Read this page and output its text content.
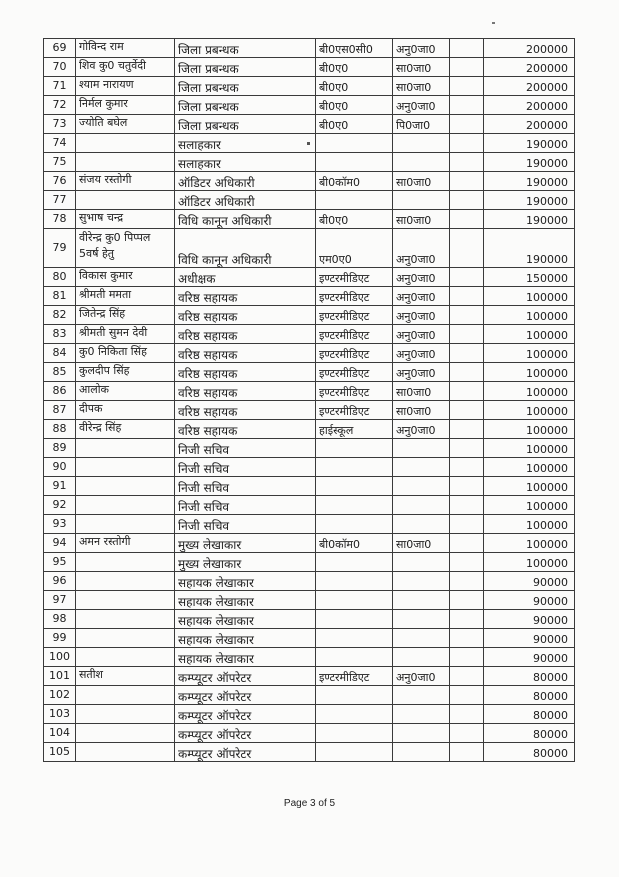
69	गोविन्द राम	जिला प्रबन्धक	बी0एस0सी0	अनु0जा0		200000
70	शिव कु0 चतुर्वेदी	जिला प्रबन्धक	बी0ए0	सा0जा0		200000
71	श्याम नारायण	जिला प्रबन्धक	बी0ए0	सा0जा0		200000
72	निर्मल कुमार	जिला प्रबन्धक	बी0ए0	अनु0जा0		200000
73	ज्योति बघेल	जिला प्रबन्धक	बी0ए0	पि0जा0		200000
74		सलाहकार				190000
75		सलाहकार				190000
76	संजय रस्तोगी	ऑडिटर अधिकारी	बी0कॉम0	सा0जा0		190000
77		ऑडिटर अधिकारी				190000
78	सुभाष चन्द्र	विधि कानून अधिकारी	बी0ए0	सा0जा0		190000
79	वीरेन्द्र कु0 पिप्पल 5वर्ष हेतु	विधि कानून अधिकारी	एम0ए0	अनु0जा0		190000
80	विकास कुमार	अधीक्षक	इण्टरमीडिएट	अनु0जा0		150000
81	श्रीमती ममता	वरिष्ठ सहायक	इण्टरमीडिएट	अनु0जा0		100000
82	जितेन्द्र सिंह	वरिष्ठ सहायक	इण्टरमीडिएट	अनु0जा0		100000
83	श्रीमती सुमन देवी	वरिष्ठ सहायक	इण्टरमीडिएट	अनु0जा0		100000
84	कु0 निकिता सिंह	वरिष्ठ सहायक	इण्टरमीडिएट	अनु0जा0		100000
85	कुलदीप सिंह	वरिष्ठ सहायक	इण्टरमीडिएट	अनु0जा0		100000
86	आलोक	वरिष्ठ सहायक	इण्टरमीडिएट	सा0जा0		100000
87	दीपक	वरिष्ठ सहायक	इण्टरमीडिएट	सा0जा0		100000
88	वीरेन्द्र सिंह	वरिष्ठ सहायक	हाईस्कूल	अनु0जा0		100000
89		निजी सचिव				100000
90		निजी सचिव				100000
91		निजी सचिव				100000
92		निजी सचिव				100000
93		निजी सचिव				100000
94	अमन रस्तोगी	मुख्य लेखाकार	बी0कॉम0	सा0जा0		100000
95		मुख्य लेखाकार				100000
96		सहायक लेखाकार				90000
97		सहायक लेखाकार				90000
98		सहायक लेखाकार				90000
99		सहायक लेखाकार				90000
100		सहायक लेखाकार				90000
101	सतीश	कम्प्यूटर ऑपरेटर	इण्टरमीडिएट	अनु0जा0		80000
102		कम्प्यूटर ऑपरेटर				80000
103		कम्प्यूटर ऑपरेटर				80000
104		कम्प्यूटर ऑपरेटर				80000
105		कम्प्यूटर ऑपरेटर				80000
Page 3 of 5
